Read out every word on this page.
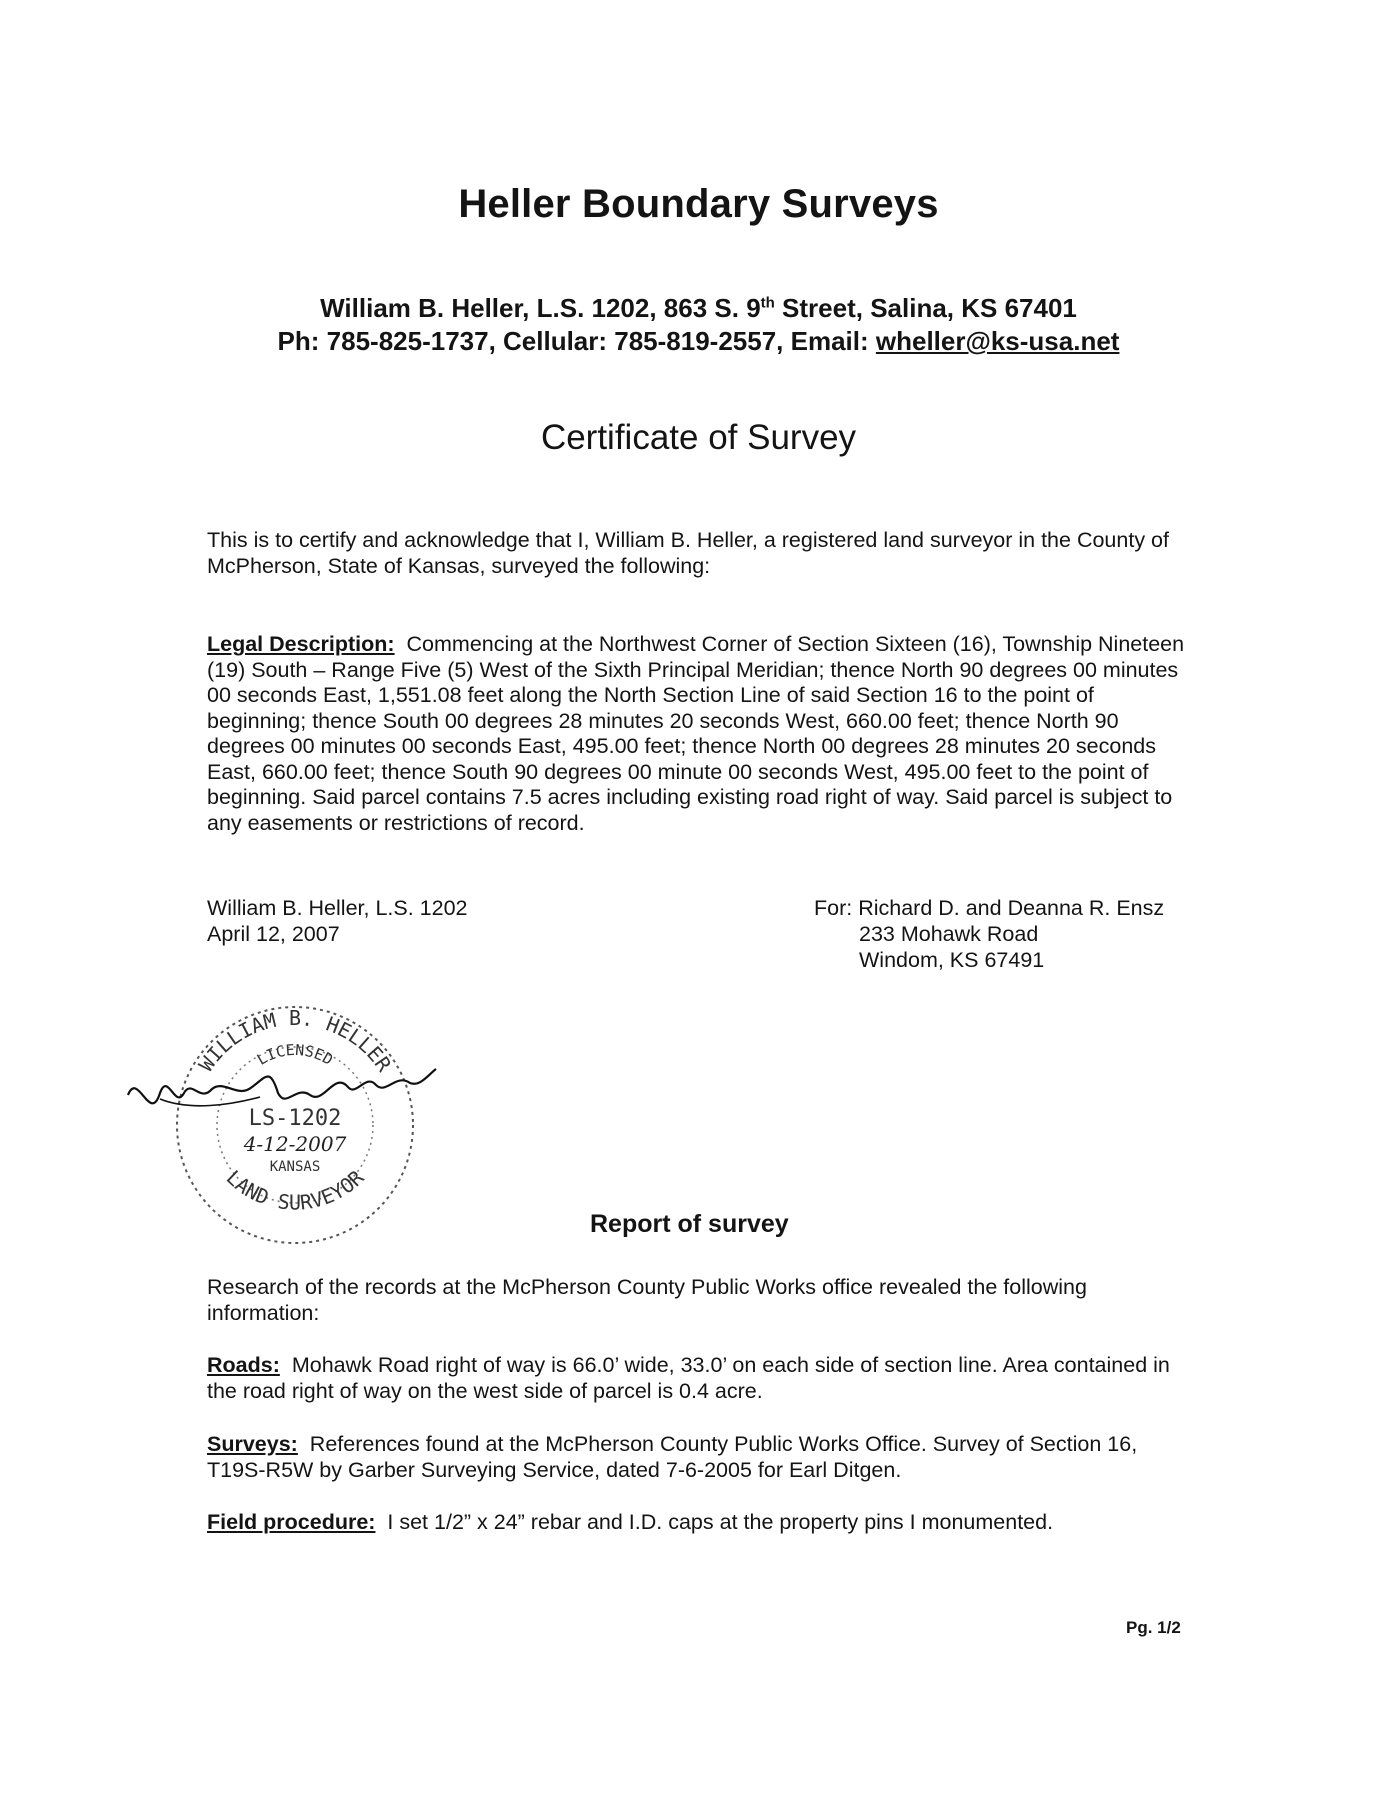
Heller Boundary Surveys
William B. Heller, L.S. 1202, 863 S. 9th Street, Salina, KS 67401
Ph: 785-825-1737, Cellular: 785-819-2557, Email: wheller@ks-usa.net
Certificate of Survey
This is to certify and acknowledge that I, William B. Heller, a registered land surveyor in the County of McPherson, State of Kansas, surveyed the following:
Legal Description: Commencing at the Northwest Corner of Section Sixteen (16), Township Nineteen (19) South – Range Five (5) West of the Sixth Principal Meridian; thence North 90 degrees 00 minutes 00 seconds East, 1,551.08 feet along the North Section Line of said Section 16 to the point of beginning; thence South 00 degrees 28 minutes 20 seconds West, 660.00 feet; thence North 90 degrees 00 minutes 00 seconds East, 495.00 feet; thence North 00 degrees 28 minutes 20 seconds East, 660.00 feet; thence South 90 degrees 00 minute 00 seconds West, 495.00 feet to the point of beginning. Said parcel contains 7.5 acres including existing road right of way. Said parcel is subject to any easements or restrictions of record.
William B. Heller, L.S. 1202
April 12, 2007
For: Richard D. and Deanna R. Ensz
233 Mohawk Road
Windom, KS 67491
WILLIAM B. HELLER
LICENSED
LS-1202
4-12-2007
KANSAS
LAND SURVEYOR
Report of survey
Research of the records at the McPherson County Public Works office revealed the following information:
Roads: Mohawk Road right of way is 66.0’ wide, 33.0’ on each side of section line. Area contained in the road right of way on the west side of parcel is 0.4 acre.
Surveys: References found at the McPherson County Public Works Office. Survey of Section 16, T19S-R5W by Garber Surveying Service, dated 7-6-2005 for Earl Ditgen.
Field procedure: I set 1/2” x 24” rebar and I.D. caps at the property pins I monumented.
Pg. 1/2
